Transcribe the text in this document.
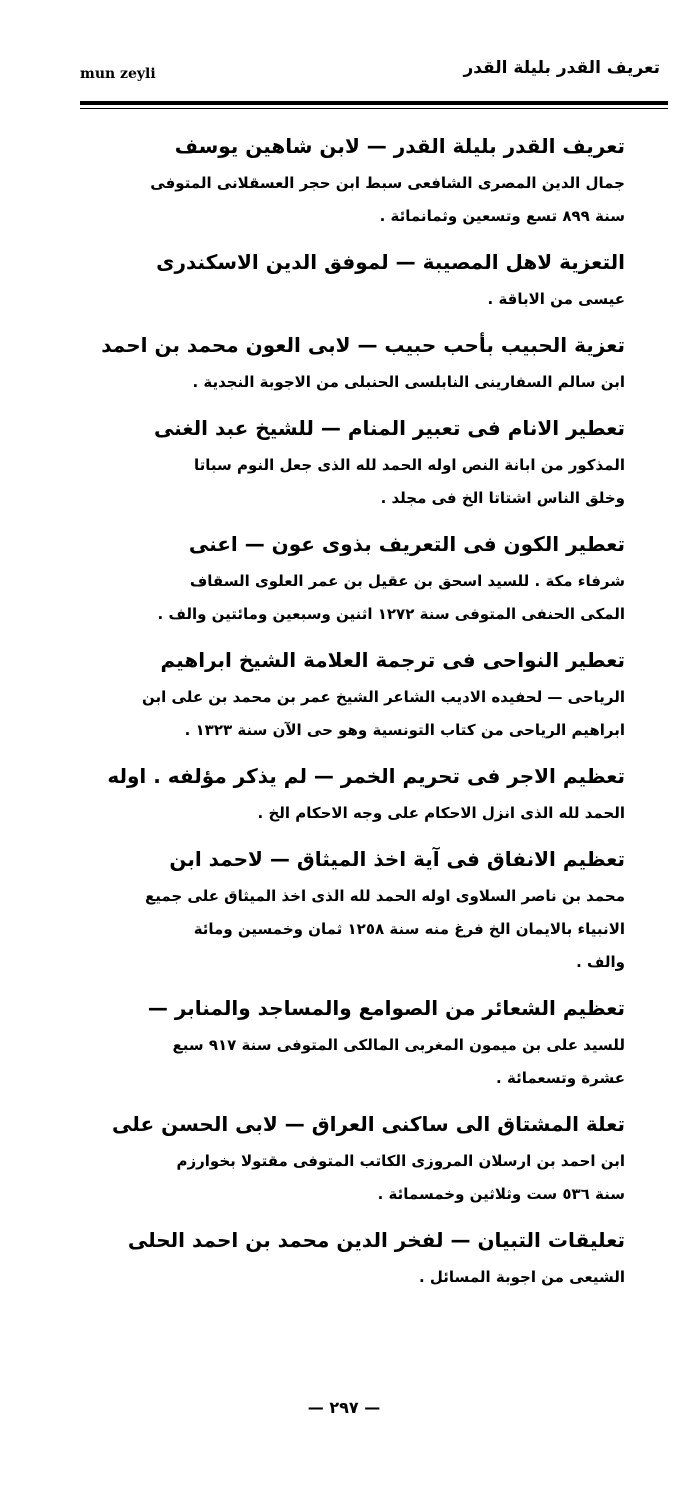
mun zeyli	تعريف القدر بليلة القدر
تعريف القدر بليلة القدر — لابن شاهين يوسف
جمال الدين المصرى الشافعى سبط ابن حجر العسقلانى المتوفى
سنة ٨٩٩ تسع وتسعين وثمانمائة .
التعزية لاهل المصيبة — لموفق الدين الاسكندرى
عيسى من الاباقة .
تعزية الحبيب بأحب حبيب — لابى العون محمد بن احمد
ابن سالم السفارينى النابلسى الحنبلى من الاجوبة النجدية .
تعطير الانام فى تعبير المنام — للشيخ عبد الغنى
المذكور من ابانة النص اوله الحمد لله الذى جعل النوم سباتا
وخلق الناس اشتاتا الخ فى مجلد .
تعطير الكون فى التعريف بذوى عون — اعنى
شرفاء مكة . للسيد اسحق بن عقيل بن عمر العلوى السقاف
المكى الحنفى المتوفى سنة ١٢٧٢ اثنين وسبعين ومائتين والف .
تعطير النواحى فى ترجمة العلامة الشيخ ابراهيم
الرياحى — لحفيده الاديب الشاعر الشيخ عمر بن محمد بن على ابن
ابراهيم الرياحى من كتاب التونسية وهو حى الآن سنة ١٣٢٣ .
تعظيم الاجر فى تحريم الخمر — لم يذكر مؤلفه . اوله
الحمد لله الذى انزل الاحكام على وجه الاحكام الخ .
تعظيم الانفاق فى آية اخذ الميثاق — لاحمد ابن
محمد بن ناصر السلاوى اوله الحمد لله الذى اخذ الميثاق على جميع
الانبياء بالايمان الخ فرغ منه سنة ١٢٥٨ ثمان وخمسين ومائة
والف .
تعظيم الشعائر من الصوامع والمساجد والمنابر —
للسيد على بن ميمون المغربى المالكى المتوفى سنة ٩١٧ سبع
عشرة وتسعمائة .
تعلة المشتاق الى ساكنى العراق — لابى الحسن على
ابن احمد بن ارسلان المروزى الكاتب المتوفى مقتولا بخوارزم
سنة ٥٣٦ ست وثلاثين وخمسمائة .
تعليقات التبيان — لفخر الدين محمد بن احمد الحلى
الشيعى من اجوبة المسائل .
— ٢٩٧ —
